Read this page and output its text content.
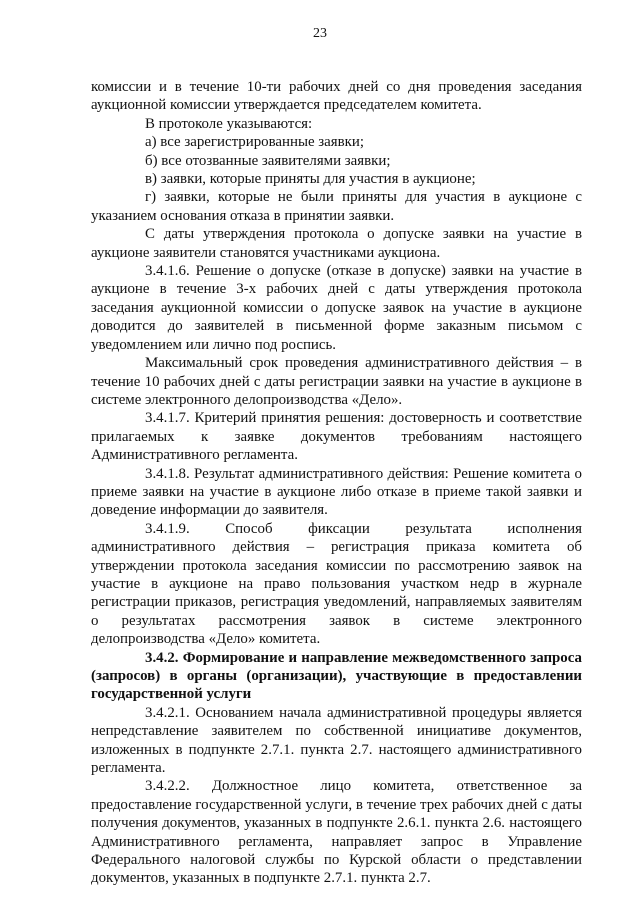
23

комиссии и в течение 10-ти рабочих дней со дня проведения заседания аукционной комиссии утверждается председателем комитета.

В протоколе указываются:

а) все зарегистрированные заявки;

б) все отозванные заявителями заявки;

в) заявки, которые приняты для участия в аукционе;

г) заявки, которые не были приняты для участия в аукционе с указанием основания отказа в принятии заявки.

С даты утверждения протокола о допуске заявки на участие в аукционе заявители становятся участниками аукциона.

3.4.1.6. Решение о допуске (отказе в допуске) заявки на участие в аукционе в течение 3-х рабочих дней с даты утверждения протокола заседания аукционной комиссии о допуске заявок на участие в аукционе доводится до заявителей в письменной форме заказным письмом с уведомлением или лично под роспись.

Максимальный срок проведения административного действия – в течение 10 рабочих дней с даты регистрации заявки на участие в аукционе в системе электронного делопроизводства «Дело».

3.4.1.7. Критерий принятия решения: достоверность и соответствие прилагаемых к заявке документов требованиям настоящего Административного регламента.

3.4.1.8. Результат административного действия: Решение комитета о приеме заявки на участие в аукционе либо отказе в приеме такой заявки и доведение информации до заявителя.

3.4.1.9. Способ фиксации результата исполнения административного действия – регистрация приказа комитета об утверждении протокола заседания комиссии по рассмотрению заявок на участие в аукционе на право пользования участком недр в журнале регистрации приказов, регистрация уведомлений, направляемых заявителям о результатах рассмотрения заявок в системе электронного делопроизводства «Дело» комитета.

3.4.2. Формирование и направление межведомственного запроса (запросов) в органы (организации), участвующие в предоставлении государственной услуги

3.4.2.1. Основанием начала административной процедуры является непредставление заявителем по собственной инициативе документов, изложенных в подпункте 2.7.1. пункта 2.7. настоящего административного регламента.

3.4.2.2. Должностное лицо комитета, ответственное за предоставление государственной услуги, в течение трех рабочих дней с даты получения документов, указанных в подпункте 2.6.1. пункта 2.6. настоящего Административного регламента, направляет запрос в Управление Федерального налоговой службы по Курской области о представлении документов, указанных в подпункте 2.7.1. пункта 2.7.
